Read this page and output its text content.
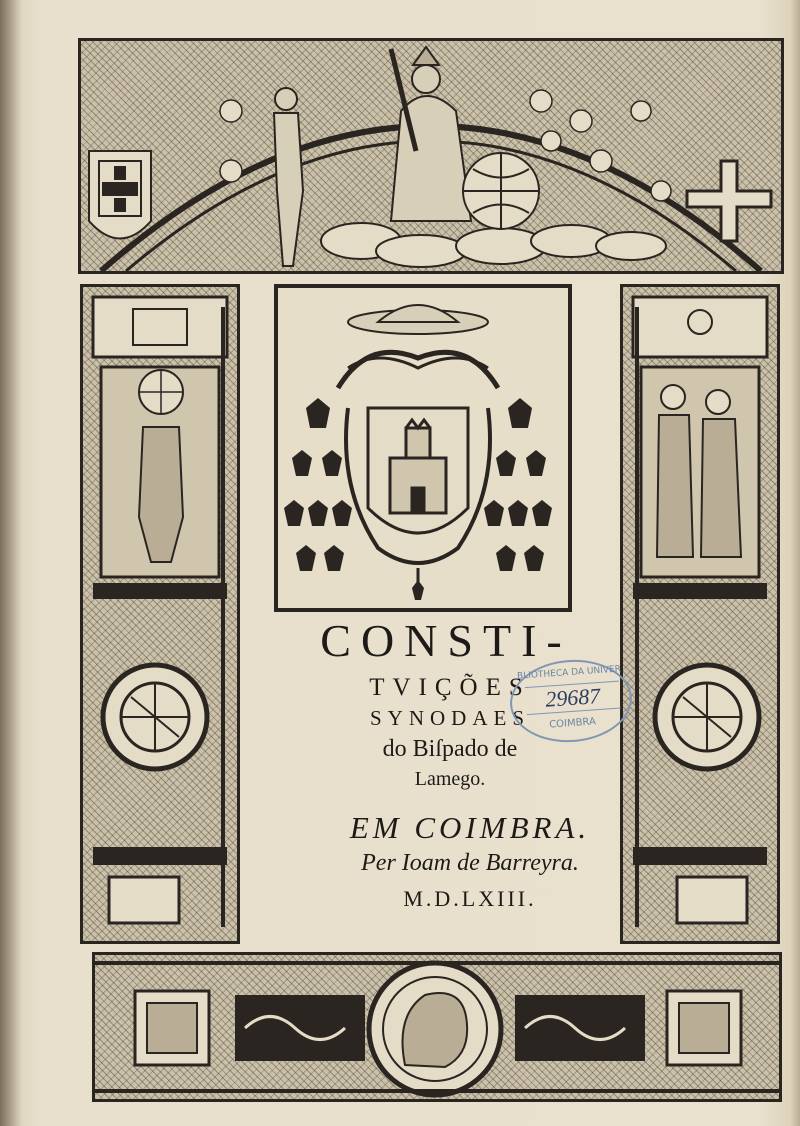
CONSTI-
TVIÇÕES
SYNODAES
do Biſpado de
Lamego.
EM COIMBRA.
Per Ioam de Barreyra.
M.D.LXIII.
BLIOTHECA DA UNIVER
29687
COIMBRA
